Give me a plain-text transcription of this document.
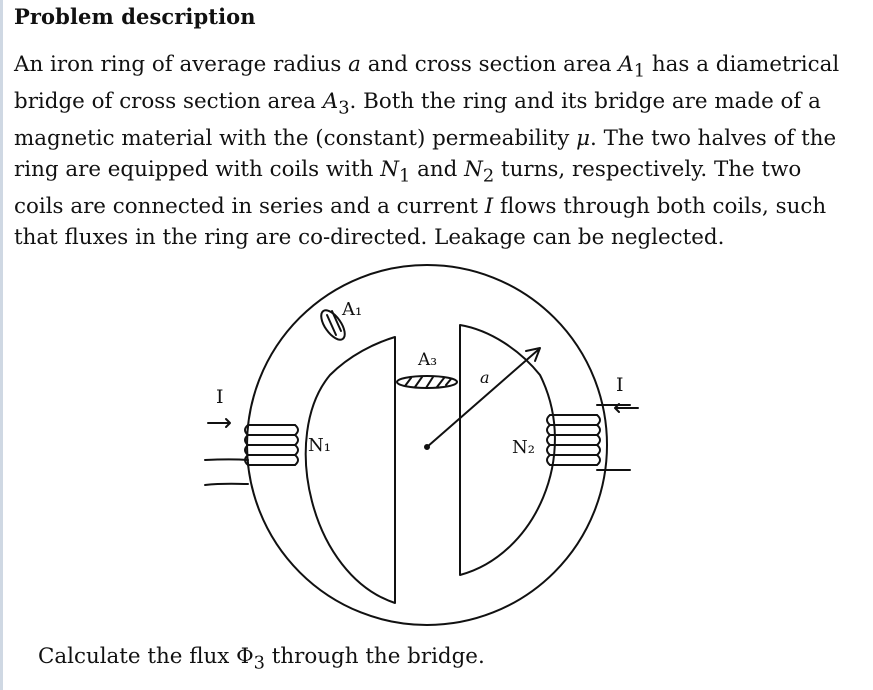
Problem description
An iron ring of average radius a and cross section area $A_1$ has a diametrical bridge of cross section area $A_3$. Both the ring and its bridge are made of a magnetic material with the (constant) permeability μ. The two halves of the ring are equipped with coils with $N_1$ and $N_2$ turns, respectively. The two coils are connected in series and a current I flows through both coils, such that fluxes in the ring are co-directed. Leakage can be neglected.
A₁
A₃
a
N₁	N₂
I
I
Calculate the flux $\Phi_3$ through the bridge.
